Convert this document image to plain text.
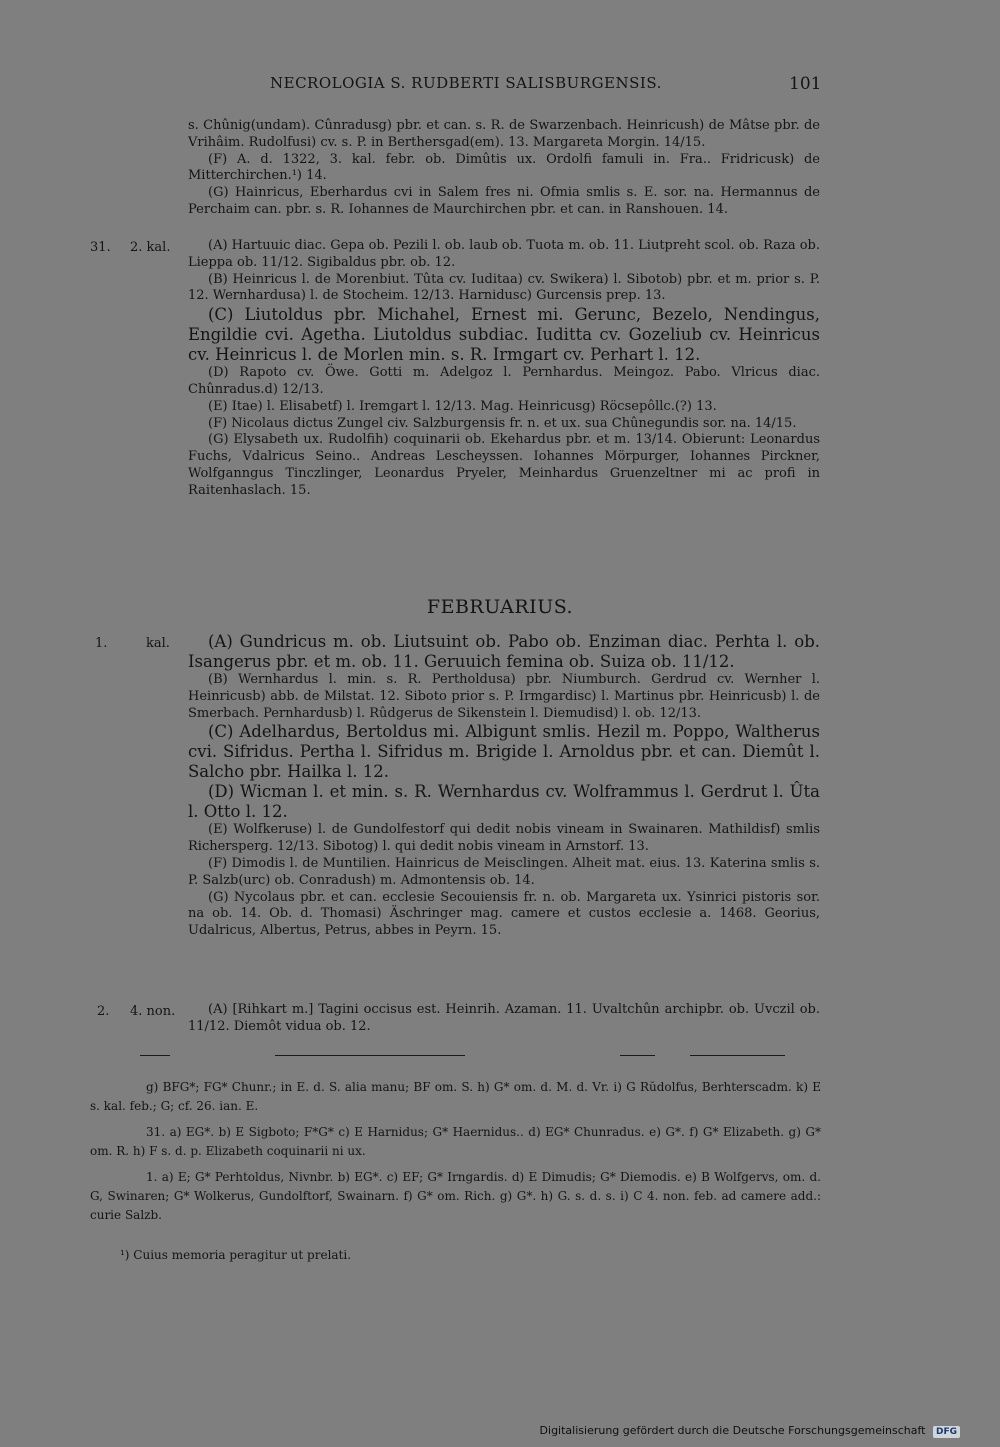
NECROLOGIA S. RUDBERTI SALISBURGENSIS.	101

s. Chûnig(undam). Cûnradusg) pbr. et can. s. R. de Swarzenbach. Heinricush) de Mâtse pbr. de Vrihâim. Rudolfusi) cv. s. P. in Berthersgad(em). 13. Margareta Morgin. 14/15.

(F) A. d. 1322, 3. kal. febr. ob. Dimûtis ux. Ordolfi famuli in. Fra.. Fridricusk) de Mitterchirchen.¹) 14.

(G) Hainricus, Eberhardus cvi in Salem fres ni. Ofmia smlis s. E. sor. na. Hermannus de Perchaim can. pbr. s. R. Iohannes de Maurchirchen pbr. et can. in Ranshouen. 14.

31. 2. kal.	(A) Hartuuic diac. Gepa ob. Pezili l. ob. laub ob. Tuota m. ob. 11. Liutpreht scol. ob. Raza ob. Lieppa ob. 11/12. Sigibaldus pbr. ob. 12.

(B) Heinricus l. de Morenbiut. Tûta cv. Iuditaa) cv. Swikera) l. Sibotob) pbr. et m. prior s. P. 12. Wernhardusa) l. de Stocheim. 12/13. Harnidusc) Gurcensis prep. 13.

(C) Liutoldus pbr. Michahel, Ernest mi. Gerunc, Bezelo, Nendingus, Engildie cvi. Agetha. Liutoldus subdiac. Iuditta cv. Gozeliub cv. Heinricus cv. Heinricus l. de Morlen min. s. R. Irmgart cv. Perhart l. 12.

(D) Rapoto cv. Öwe. Gotti m. Adelgoz l. Pernhardus. Meingoz. Pabo. Vlricus diac. Chûnradus.d) 12/13.

(E) Itae) l. Elisabetf) l. Iremgart l. 12/13. Mag. Heinricusg) Röcsepôllc.(?) 13.

(F) Nicolaus dictus Zungel civ. Salzburgensis fr. n. et ux. sua Chûnegundis sor. na. 14/15.

(G) Elysabeth ux. Rudolfih) coquinarii ob. Ekehardus pbr. et m. 13/14. Obierunt: Leonardus Fuchs, Vdalricus Seino.. Andreas Lescheyssen. Iohannes Mörpurger, Iohannes Pirckner, Wolfganngus Tinczlinger, Leonardus Pryeler, Meinhardus Gruenzeltner mi ac profi in Raitenhaslach. 15.

FEBRUARIUS.
1.	kal.	(A) Gundricus m. ob. Liutsuint ob. Pabo ob. Enziman diac. Perhta l. ob. Isangerus pbr. et m. ob. 11. Geruuich femina ob. Suiza ob. 11/12.

(B) Wernhardus l. min. s. R. Pertholdusa) pbr. Niumburch. Gerdrud cv. Wernher l. Heinricusb) abb. de Milstat. 12. Siboto prior s. P. Irmgardisc) l. Martinus pbr. Heinricusb) l. de Smerbach. Pernhardusb) l. Rûdgerus de Sikenstein l. Diemudisd) l. ob. 12/13.

(C) Adelhardus, Bertoldus mi. Albigunt smlis. Hezil m. Poppo, Waltherus cvi. Sifridus. Pertha l. Sifridus m. Brigide l. Arnoldus pbr. et can. Diemût l. Salcho pbr. Hailka l. 12.

(D) Wicman l. et min. s. R. Wernhardus cv. Wolframmus l. Gerdrut l. Ûta l. Otto l. 12.

(E) Wolfkeruse) l. de Gundolfestorf qui dedit nobis vineam in Swainaren. Mathildisf) smlis Richersperg. 12/13. Sibotog) l. qui dedit nobis vineam in Arnstorf. 13.

(F) Dimodis l. de Muntilien. Hainricus de Meisclingen. Alheit mat. eius. 13. Katerina smlis s. P. Salzb(urc) ob. Conradush) m. Admontensis ob. 14.

(G) Nycolaus pbr. et can. ecclesie Secouiensis fr. n. ob. Margareta ux. Ysinrici pistoris sor. na ob. 14. Ob. d. Thomasi) Äschringer mag. camere et custos ecclesie a. 1468. Georius, Udalricus, Albertus, Petrus, abbes in Peyrn. 15.

2. 4. non.	(A) [Rihkart m.] Tagini occisus est. Heinrih. Azaman. 11. Uvaltchûn archipbr. ob. Uvczil ob. 11/12. Diemôt vidua ob. 12.

g) BFG*; FG* Chunr.; in E. d. S. alia manu; BF om. S. h) G* om. d. M. d. Vr. i) G Rŭdolfus, Berhterscadm. k) E s. kal. feb.; G; cf. 26. ian. E.

31. a) EG*. b) E Sigboto; F*G* c) E Harnidus; G* Haernidus.. d) EG* Chunradus. e) G*. f) G* Elizabeth. g) G* om. R. h) F s. d. p. Elizabeth coquinarii ni ux.

1. a) E; G* Perhtoldus, Nivnbr. b) EG*. c) EF; G* Irngardis. d) E Dimudis; G* Diemodis. e) B Wolfgervs, om. d. G, Swinaren; G* Wolkerus, Gundolftorf, Swainarn. f) G* om. Rich. g) G*. h) G. s. d. s. i) C 4. non. feb. ad camere add.: curie Salzb.

¹) Cuius memoria peragitur ut prelati.

Digitalisierung gefördert durch die Deutsche Forschungsgemeinschaft DFG
